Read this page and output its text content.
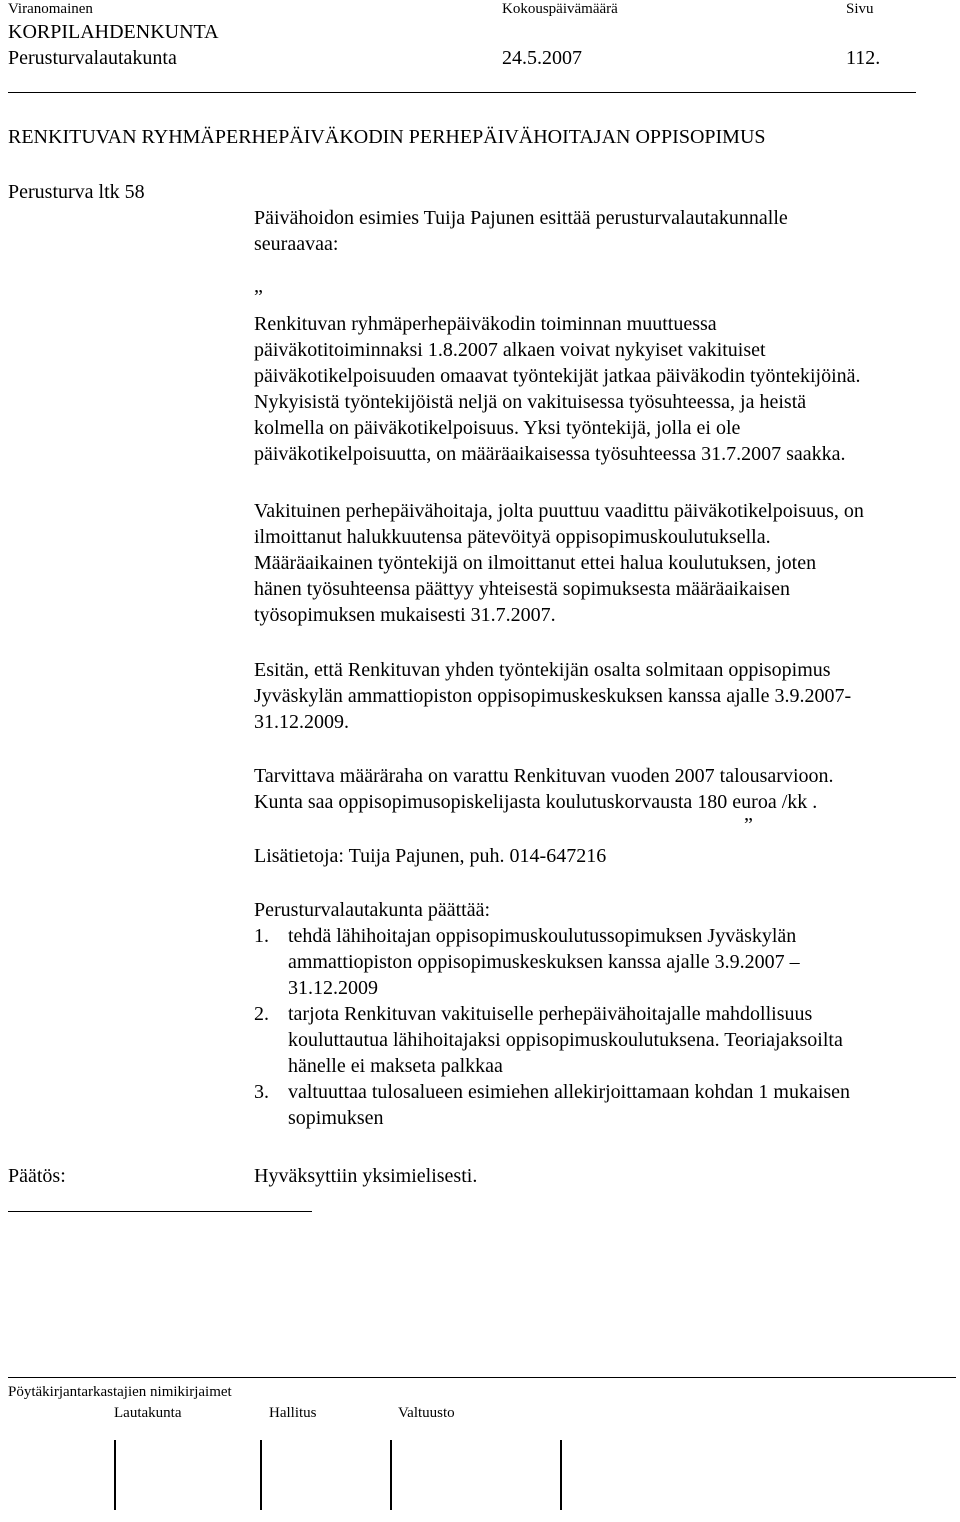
Viranomainen	Kokouspäivämäärä	Sivu
KORPILAHDENKUNTA
Perusturvalautakunta	24.5.2007	112.
RENKITUVAN RYHMÄPERHEPÄIVÄKODIN PERHEPÄIVÄHOITAJAN OPPISOPIMUS
Perusturva ltk 58

Päivähoidon esimies Tuija Pajunen esittää perusturvalautakunnalle

seuraavaa:

„

Renkituvan ryhmäperhepäiväkodin toiminnan muuttuessa

päiväkotitoiminnaksi 1.8.2007 alkaen voivat nykyiset vakituiset

päiväkotikelpoisuuden omaavat työntekijät jatkaa päiväkodin työntekijöinä.

Nykyisistä työntekijöistä neljä on vakituisessa työsuhteessa, ja heistä

kolmella on päiväkotikelpoisuus. Yksi työntekijä, jolla ei ole

päiväkotikelpoisuutta, on määräaikaisessa työsuhteessa 31.7.2007 saakka.

Vakituinen perhepäivähoitaja, jolta puuttuu vaadittu päiväkotikelpoisuus, on

ilmoittanut halukkuutensa pätevöityä oppisopimuskoulutuksella.

Määräaikainen työntekijä on ilmoittanut ettei halua koulutuksen, joten

hänen työsuhteensa päättyy yhteisestä sopimuksesta määräaikaisen

työsopimuksen mukaisesti 31.7.2007.

Esitän, että Renkituvan yhden työntekijän osalta solmitaan oppisopimus

Jyväskylän ammattiopiston oppisopimuskeskuksen kanssa ajalle 3.9.2007-

31.12.2009.

Tarvittava määräraha on varattu Renkituvan vuoden 2007 talousarvioon.

Kunta saa oppisopimusopiskelijasta koulutuskorvausta 180 euroa /kk .

”
Lisätietoja: Tuija Pajunen, puh. 014-647216
Perusturvalautakunta päättää:
1. tehdä lähihoitajan oppisopimuskoulutussopimuksen Jyväskylän
ammattiopiston oppisopimuskeskuksen kanssa ajalle 3.9.2007 –
31.12.2009
2. tarjota Renkituvan vakituiselle perhepäivähoitajalle mahdollisuus
kouluttautua lähihoitajaksi oppisopimuskoulutuksena. Teoriajaksoilta
hänelle ei makseta palkkaa
3. valtuuttaa tulosalueen esimiehen allekirjoittamaan kohdan 1 mukaisen
sopimuksen
Päätös:	Hyväksyttiin yksimielisesti.
Pöytäkirjantarkastajien nimikirjaimet
Lautakunta	Hallitus	Valtuusto
